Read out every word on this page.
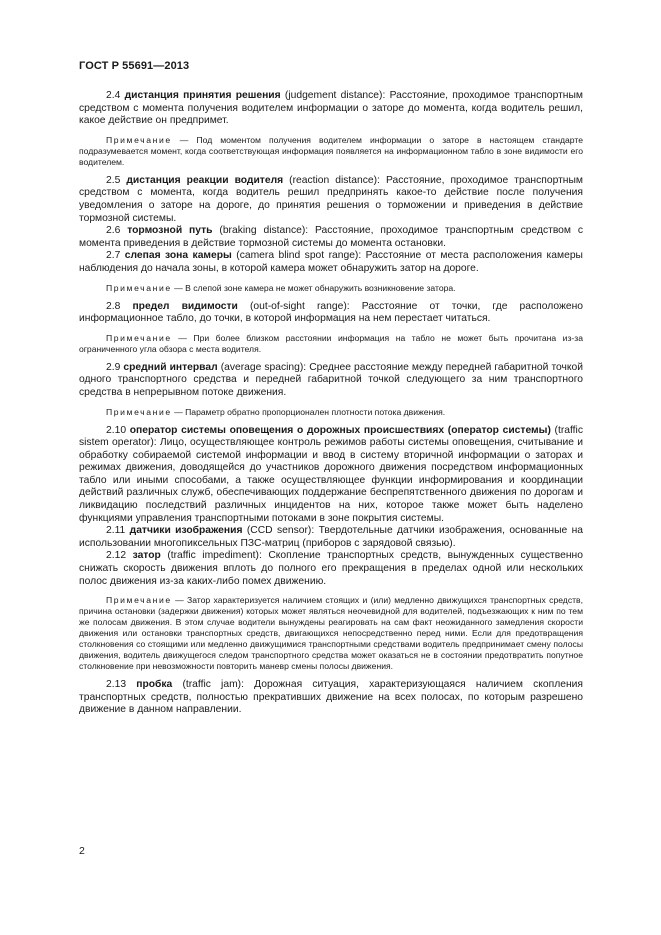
ГОСТ Р 55691—2013

2.4 дистанция принятия решения (judgement distance): Расстояние, проходимое транспортным средством с момента получения водителем информации о заторе до момента, когда водитель решил, какое действие он предпримет.

Примечание — Под моментом получения водителем информации о заторе в настоящем стандарте подразумевается момент, когда соответствующая информация появляется на информационном табло в зоне видимости его водителем.

2.5 дистанция реакции водителя (reaction distance): Расстояние, проходимое транспортным средством с момента, когда водитель решил предпринять какое-то действие после получения уведомления о заторе на дороге, до принятия решения о торможении и приведения в действие тормозной системы.

2.6 тормозной путь (braking distance): Расстояние, проходимое транспортным средством с момента приведения в действие тормозной системы до момента остановки.

2.7 слепая зона камеры (camera blind spot range): Расстояние от места расположения камеры наблюдения до начала зоны, в которой камера может обнаружить затор на дороге.

Примечание — В слепой зоне камера не может обнаружить возникновение затора.

2.8 предел видимости (out-of-sight range): Расстояние от точки, где расположено информационное табло, до точки, в которой информация на нем перестает читаться.

Примечание — При более близком расстоянии информация на табло не может быть прочитана из-за ограниченного угла обзора с места водителя.

2.9 средний интервал (average spacing): Среднее расстояние между передней габаритной точкой одного транспортного средства и передней габаритной точкой следующего за ним транспортного средства в непрерывном потоке движения.

Примечание — Параметр обратно пропорционален плотности потока движения.

2.10 оператор системы оповещения о дорожных происшествиях (оператор системы) (traffic sistem operator): Лицо, осуществляющее контроль режимов работы системы оповещения, считывание и обработку собираемой системой информации и ввод в систему вторичной информации о заторах и режимах движения, доводящейся до участников дорожного движения посредством информационных табло или иными способами, а также осуществляющее функции информирования и координации действий различных служб, обеспечивающих поддержание беспрепятственного движения по дорогам и ликвидацию последствий различных инцидентов на них, которое также может быть наделено функциями управления транспортными потоками в зоне покрытия системы.

2.11 датчики изображения (CCD sensor): Твердотельные датчики изображения, основанные на использовании многопиксельных ПЗС-матриц (приборов с зарядовой связью).

2.12 затор (traffic impediment): Скопление транспортных средств, вынужденных существенно снижать скорость движения вплоть до полного его прекращения в пределах одной или нескольких полос движения из-за каких-либо помех движению.

Примечание — Затор характеризуется наличием стоящих и (или) медленно движущихся транспортных средств, причина остановки (задержки движения) которых может являться неочевидной для водителей, подъезжающих к ним по тем же полосам движения. В этом случае водители вынуждены реагировать на сам факт неожиданного замедления скорости движения или остановки транспортных средств, двигающихся непосредственно перед ними. Если для предотвращения столкновения со стоящими или медленно движущимися транспортными средствами водитель предпринимает смену полосы движения, водитель движущегося следом транспортного средства может оказаться не в состоянии предотвратить попутное столкновение при невозможности повторить маневр смены полосы движения.

2.13 пробка (traffic jam): Дорожная ситуация, характеризующаяся наличием скопления транспортных средств, полностью прекративших движение на всех полосах, по которым разрешено движение в данном направлении.

2
